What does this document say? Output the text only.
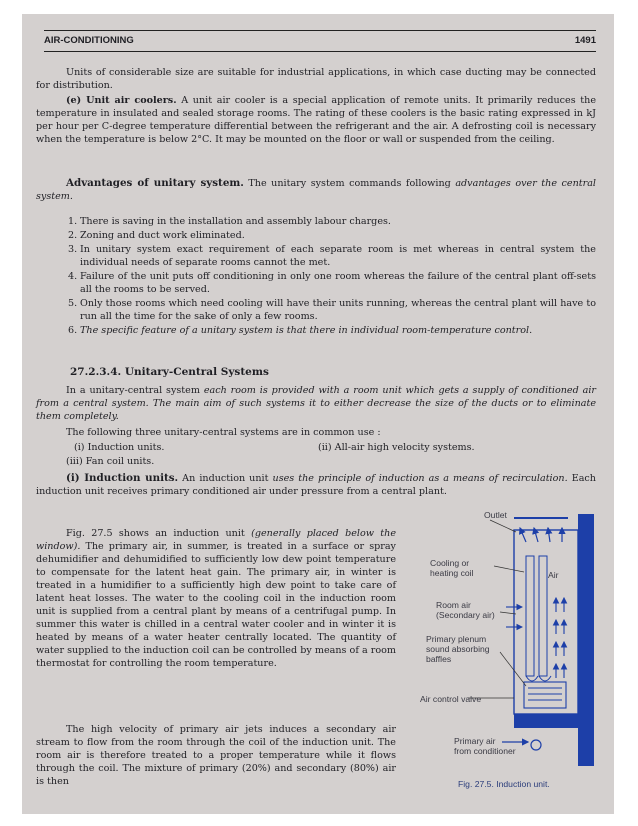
AIR-CONDITIONING	1491

Units of considerable size are suitable for industrial applications, in which case ducting may be connected for distribution.

(e) Unit air coolers. A unit air cooler is a special application of remote units. It primarily reduces the temperature in insulated and sealed storage rooms. The rating of these coolers is the basic rating expressed in kJ per hour per C-degree temperature differential between the refrigerant and the air. A defrosting coil is necessary when the temperature is below 2°C. It may be mounted on the floor or wall or suspended from the ceiling.

Advantages of unitary system. The unitary system commands following advantages over the central system.

1. There is saving in the installation and assembly labour charges.
2. Zoning and duct work eliminated.
3. In unitary system exact requirement of each separate room is met whereas in central system the individual needs of separate rooms cannot the met.
4. Failure of the unit puts off conditioning in only one room whereas the failure of the central plant off-sets all the rooms to be served.
5. Only those rooms which need cooling will have their units running, whereas the central plant will have to run all the time for the sake of only a few rooms.
6. The specific feature of a unitary system is that there in individual room-temperature control.
27.2.3.4. Unitary-Central Systems

In a unitary-central system each room is provided with a room unit which gets a supply of conditioned air from a central system. The main aim of such systems it to either decrease the size of the ducts or to eliminate them completely.

The following three unitary-central systems are in common use :

(i) Induction units.	(ii) All-air high velocity systems.
(iii) Fan coil units.

(i) Induction units. An induction unit uses the principle of induction as a means of recirculation. Each induction unit receives primary conditioned air under pressure from a central plant.

Fig. 27.5 shows an induction unit (generally placed below the window). The primary air, in summer, is treated in a surface or spray dehumidifier and dehumidified to sufficiently low dew point temperature to compensate for the latent heat gain. The primary air, in winter is treated in a humidifier to a sufficiently high dew point to take care of latent heat losses. The water to the cooling coil in the induction room unit is supplied from a central plant by means of a centrifugal pump. In summer this water is chilled in a central water cooler and in winter it is heated by means of a water heater centrally located. The quantity of water supplied to the induction coil can be controlled by means of a room thermostat for controlling the room temperature.

The high velocity of primary air jets induces a secondary air stream to flow from the room through the coil of the induction unit. The room air is therefore treated to a proper temperature while it flows through the coil. The mixture of primary (20%) and secondary (80%) air is then

Outlet
Cooling or
heating coil	Air
Room air
(Secondary air)
Primary plenum
sound absorbing
baffles
Air control valve
Primary air
from conditioner
Fig. 27.5. Induction unit.
